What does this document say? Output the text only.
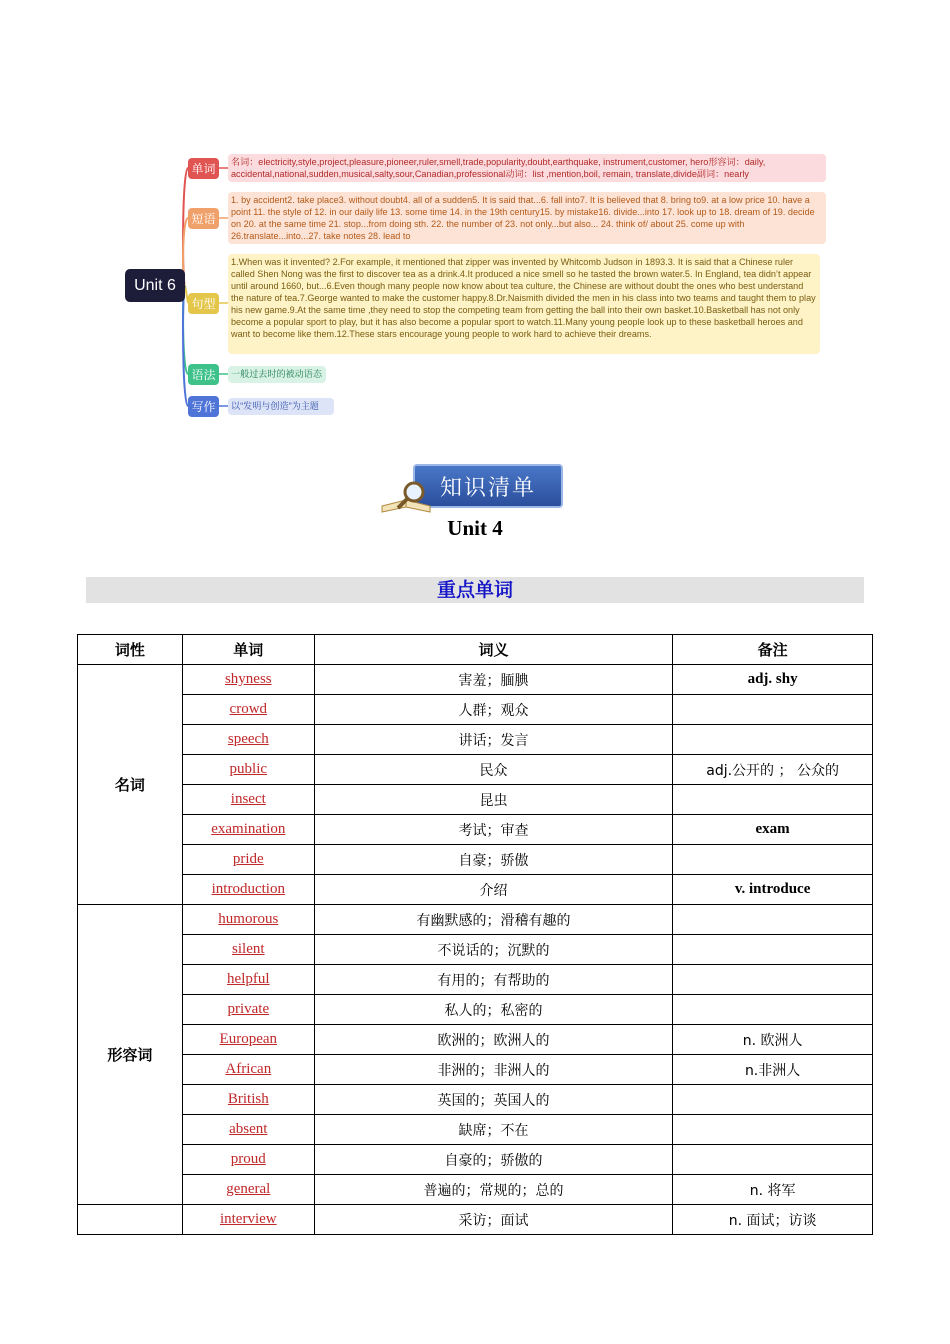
Unit 6
单词	名词：electricity,style,project,pleasure,pioneer,ruler,smell,trade,popularity,doubt,earthquake, instrument,customer, hero形容词：daily, accidental,national,sudden,musical,salty,sour,Canadian,professional动词：list ,mention,boil, remain, translate,divide副词：nearly
短语
1. by accident2. take place3. without doubt4. all of a sudden5. It is said that...6. fall into7. It is believed that 8. bring to9. at a low price 10. have a point 11. the style of 12. in our daily life 13. some time 14. in the 19th century15. by mistake16. divide...into 17. look up to 18. dream of 19. decide on 20. at the same time 21. stop...from doing sth. 22. the number of 23. not only...but also... 24. think of/ about 25. come up with 26.translate...into...27. take notes 28. lead to
句型
1.When was it invented? 2.For example, it mentioned that zipper was invented by Whitcomb Judson in 1893.3. It is said that a Chinese ruler called Shen Nong was the first to discover tea as a drink.4.It produced a nice smell so he tasted the brown water.5. In England, tea didn’t appear until around 1660, but...6.Even though many people now know about tea culture, the Chinese are without doubt the ones who best understand the nature of tea.7.George wanted to make the customer happy.8.Dr.Naismith divided the men in his class into two teams and taught them to play his new game.9.At the same time ,they need to stop the competing team from getting the ball into their own basket.10.Basketball has not only become a popular sport to play, but it has also become a popular sport to watch.11.Many young people look up to these basketball heroes and want to become like them.12.These stars encourage young people to work hard to achieve their dreams.
语法	一般过去时的被动语态
写作	以“发明与创造”为主题
知识清单
Unit 4
重点单词
词性	单词	词义	备注
名词	shyness	害羞；腼腆	adj. shy
	crowd	人群；观众	
	speech	讲话；发言	
	public	民众	adj.公开的 ； 公众的
	insect	昆虫	
	examination	考试；审查	exam
	pride	自豪；骄傲	
	introduction	介绍	v. introduce
形容词	humorous	有幽默感的；滑稽有趣的	
	silent	不说话的；沉默的	
	helpful	有用的；有帮助的	
	private	私人的；私密的	
	European	欧洲的；欧洲人的	n. 欧洲人
	African	非洲的；非洲人的	n.非洲人
	British	英国的；英国人的	
	absent	缺席；不在	
	proud	自豪的；骄傲的	
	general	普遍的；常规的；总的	n. 将军
	interview	采访；面试	n. 面试；访谈
